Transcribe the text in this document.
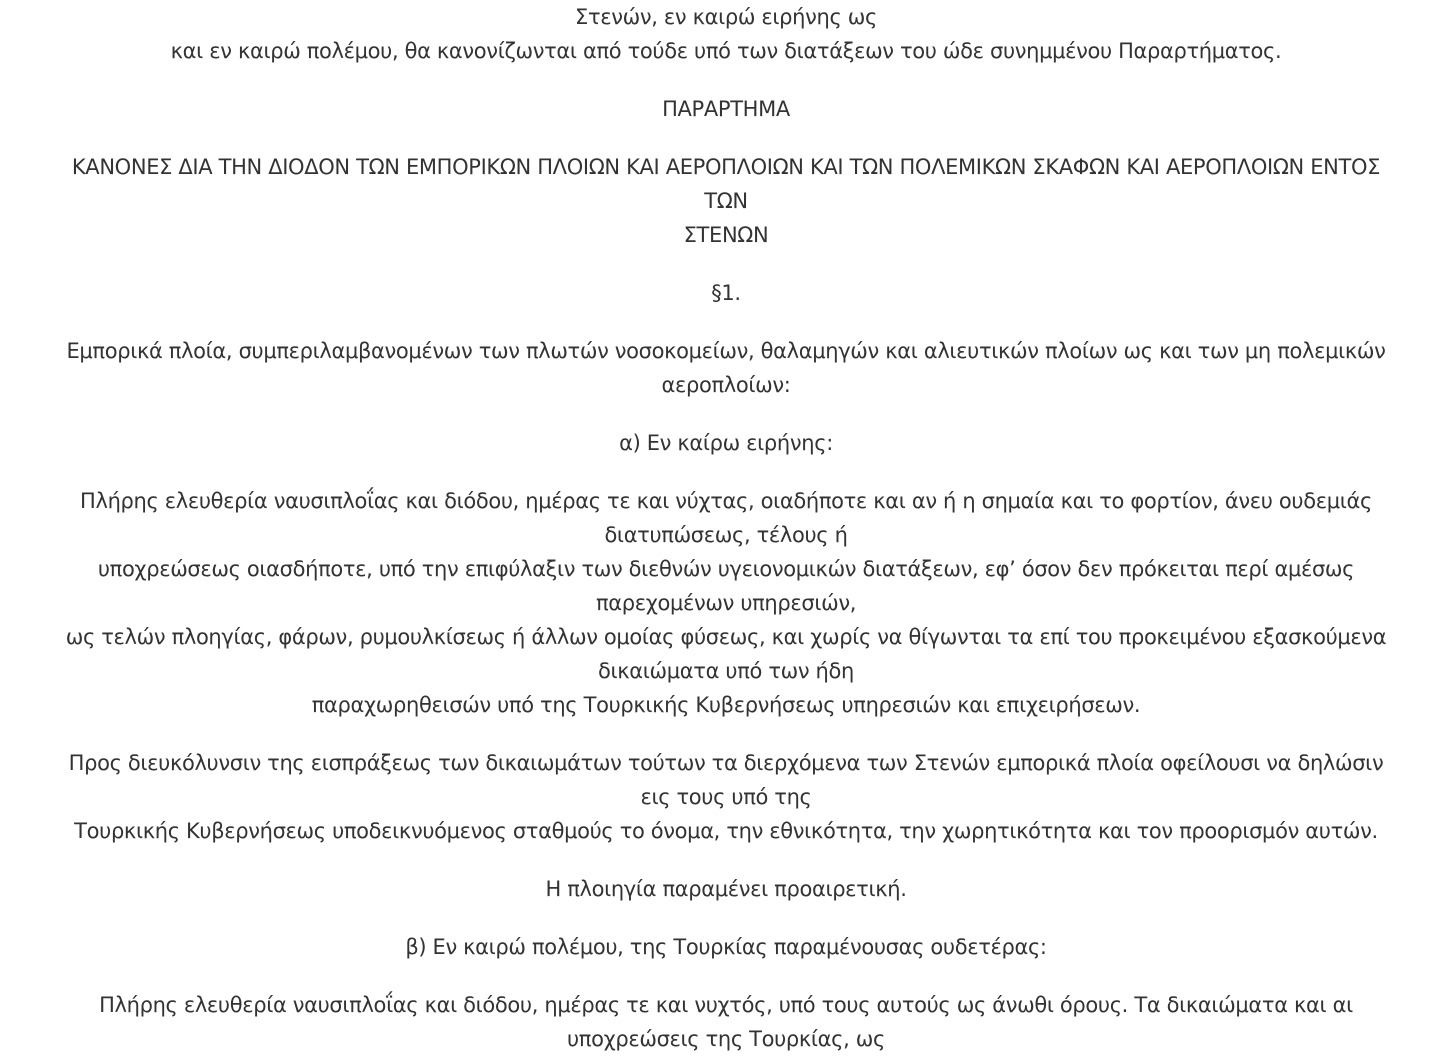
Στενών, εν καιρώ ειρήνης ως
και εν καιρώ πολέμου, θα κανονίζωνται από τούδε υπό των διατάξεων του ώδε συνημμένου Παραρτήματος.
ΠΑΡΑΡΤΗΜΑ
ΚΑΝΟΝΕΣ ΔΙΑ ΤΗΝ ΔΙΟΔΟΝ ΤΩΝ ΕΜΠΟΡΙΚΩΝ ΠΛΟΙΩΝ ΚΑΙ ΑΕΡΟΠΛΟΙΩΝ ΚΑΙ ΤΩΝ ΠΟΛΕΜΙΚΩΝ ΣΚΑΦΩΝ ΚΑΙ ΑΕΡΟΠΛΟΙΩΝ ΕΝΤΟΣ
ΤΩΝ
ΣΤΕΝΩΝ
§1.
Εμπορικά πλοία, συμπεριλαμβανομένων των πλωτών νοσοκομείων, θαλαμηγών και αλιευτικών πλοίων ως και των μη πολεμικών
αεροπλοίων:
α) Εν καίρω ειρήνης:
Πλήρης ελευθερία ναυσιπλοΐας και διόδου, ημέρας τε και νύχτας, οιαδήποτε και αν ή η σημαία και το φορτίον, άνευ ουδεμιάς
διατυπώσεως, τέλους ή
υποχρεώσεως οιασδήποτε, υπό την επιφύλαξιν των διεθνών υγειονομικών διατάξεων, εφ’ όσον δεν πρόκειται περί αμέσως
παρεχομένων υπηρεσιών,
ως τελών πλοηγίας, φάρων, ρυμουλκίσεως ή άλλων ομοίας φύσεως, και χωρίς να θίγωνται τα επί του προκειμένου εξασκούμενα
δικαιώματα υπό των ήδη
παραχωρηθεισών υπό της Τουρκικής Κυβερνήσεως υπηρεσιών και επιχειρήσεων.
Προς διευκόλυνσιν της εισπράξεως των δικαιωμάτων τούτων τα διερχόμενα των Στενών εμπορικά πλοία οφείλουσι να δηλώσιν
εις τους υπό της
Τουρκικής Κυβερνήσεως υποδεικνυόμενος σταθμούς το όνομα, την εθνικότητα, την χωρητικότητα και τον προορισμόν αυτών.
Η πλοιηγία παραμένει προαιρετική.
β) Εν καιρώ πολέμου, της Τουρκίας παραμένουσας ουδετέρας:
Πλήρης ελευθερία ναυσιπλοΐας και διόδου, ημέρας τε και νυχτός, υπό τους αυτούς ως άνωθι όρους. Τα δικαιώματα και αι
υποχρεώσεις της Τουρκίας, ως
